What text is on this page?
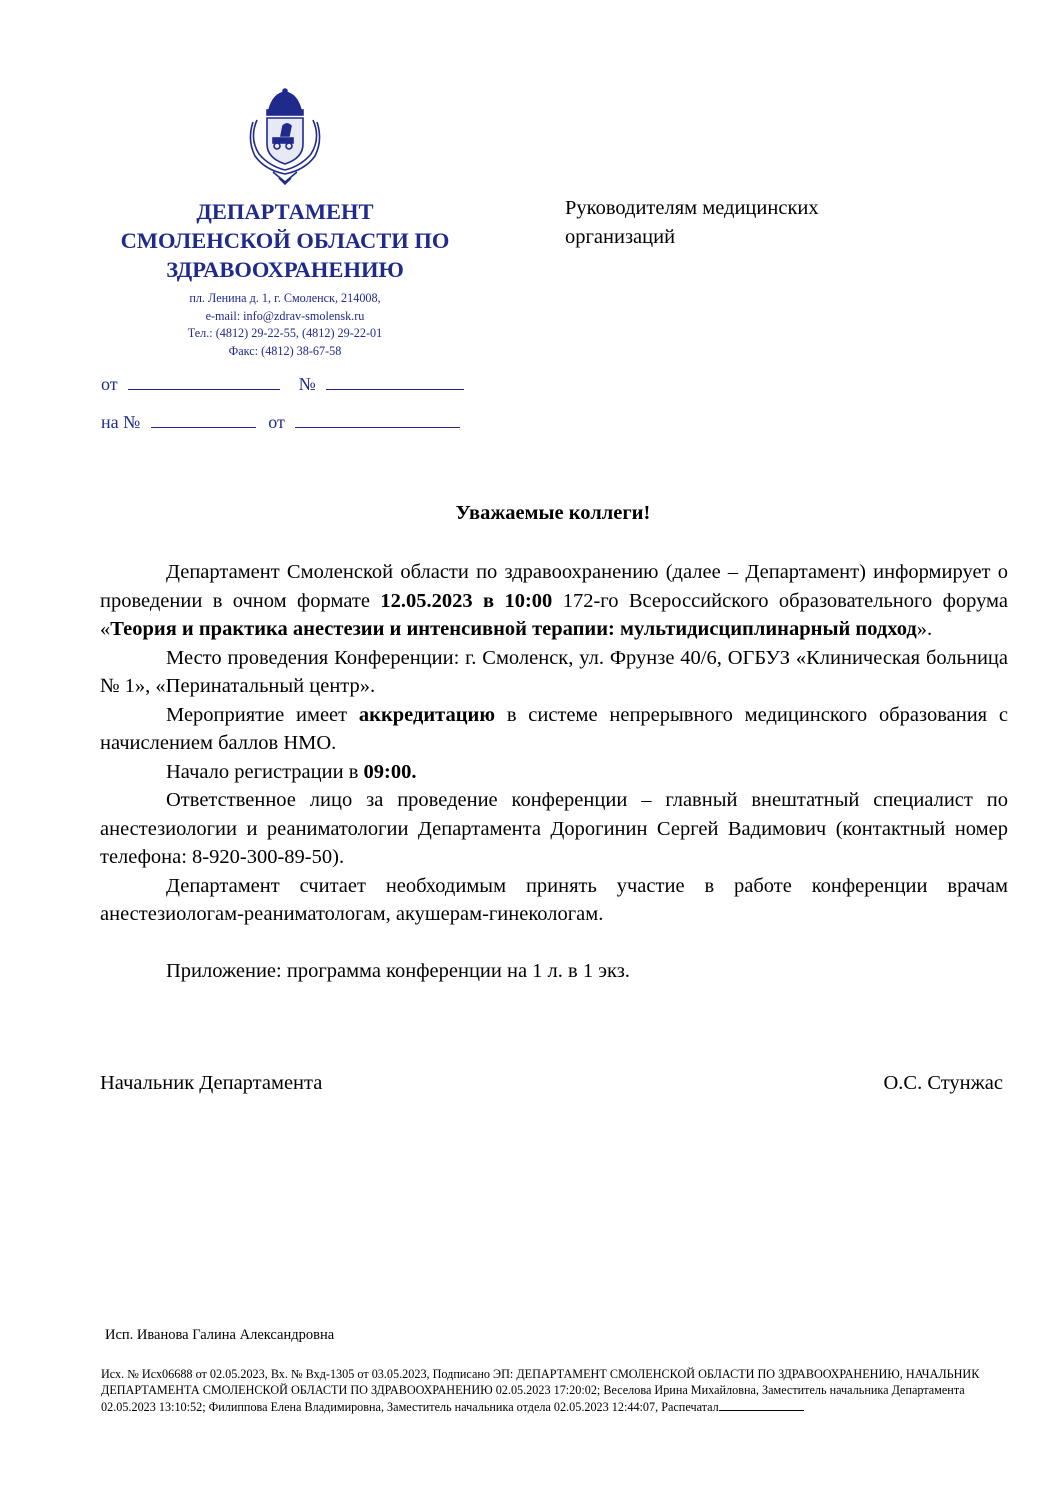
ДЕПАРТАМЕНТ
СМОЛЕНСКОЙ ОБЛАСТИ ПО
ЗДРАВООХРАНЕНИЮ
пл. Ленина д. 1, г. Смоленск, 214008,
e-mail: info@zdrav-smolensk.ru
Тел.: (4812) 29-22-55, (4812) 29-22-01
Факс: (4812) 38-67-58
от	№
на №	от
Руководителям медицинских
организаций
Уважаемые коллеги!

Департамент Смоленской области по здравоохранению (далее – Департамент) информирует о проведении в очном формате 12.05.2023 в 10:00 172-го Всероссийского образовательного форума «Теория и практика анестезии и интенсивной терапии: мультидисциплинарный подход».

Место проведения Конференции: г. Смоленск, ул. Фрунзе 40/6, ОГБУЗ «Клиническая больница № 1», «Перинатальный центр».

Мероприятие имеет аккредитацию в системе непрерывного медицинского образования с начислением баллов НМО.

Начало регистрации в 09:00.

Ответственное лицо за проведение конференции – главный внештатный специалист по анестезиологии и реаниматологии Департамента Дорогинин Сергей Вадимович (контактный номер телефона: 8-920-300-89-50).

Департамент считает необходимым принять участие в работе конференции врачам анестезиологам-реаниматологам, акушерам-гинекологам.

Приложение: программа конференции на 1 л. в 1 экз.

Начальник Департамента	О.С. Стунжас
Исп. Иванова Галина Александровна
Исх. № Исх06688 от 02.05.2023, Вх. № Вхд-1305 от 03.05.2023, Подписано ЭП: ДЕПАРТАМЕНТ СМОЛЕНСКОЙ ОБЛАСТИ ПО ЗДРАВООХРАНЕНИЮ, НАЧАЛЬНИК ДЕПАРТАМЕНТА СМОЛЕНСКОЙ ОБЛАСТИ ПО ЗДРАВООХРАНЕНИЮ 02.05.2023 17:20:02; Веселова Ирина Михайловна, Заместитель начальника Департамента 02.05.2023 13:10:52; Филиппова Елена Владимировна, Заместитель начальника отдела 02.05.2023 12:44:07, Распечатал
